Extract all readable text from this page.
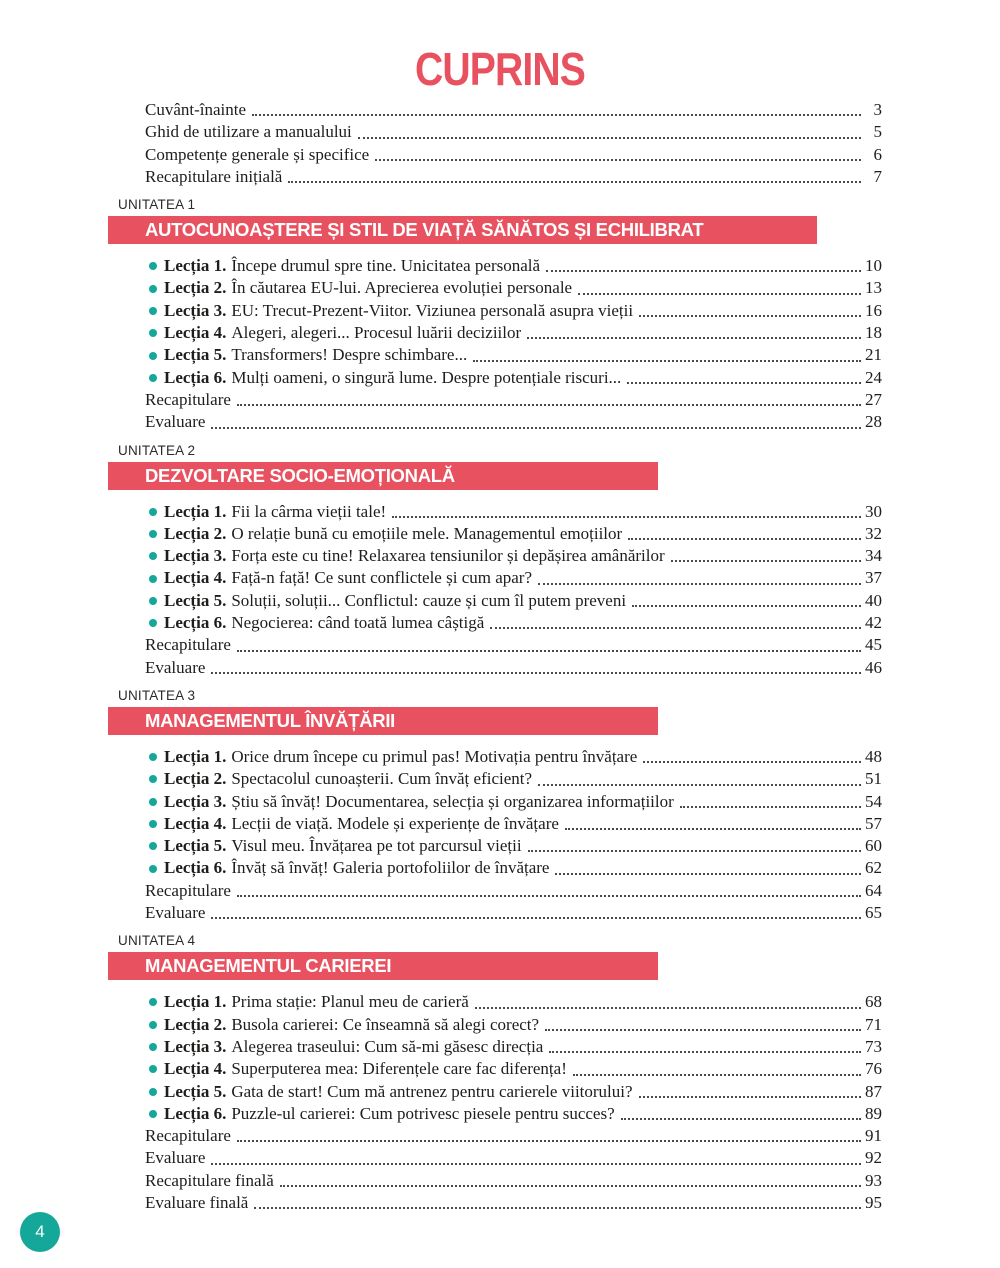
CUPRINS
Cuvânt-înainte	3
Ghid de utilizare a manualului	5
Competențe generale și specifice	6
Recapitulare inițială	7
UNITATEA 1
AUTOCUNOAȘTERE ȘI STIL DE VIAȚĂ SĂNĂTOS ȘI ECHILIBRAT
Lecția 1. Începe drumul spre tine. Unicitatea personală	10
Lecția 2. În căutarea EU-lui. Aprecierea evoluției personale	13
Lecția 3. EU: Trecut-Prezent-Viitor. Viziunea personală asupra vieții	16
Lecția 4. Alegeri, alegeri... Procesul luării deciziilor	18
Lecția 5. Transformers! Despre schimbare...	21
Lecția 6. Mulți oameni, o singură lume. Despre potențiale riscuri...	24
Recapitulare	27
Evaluare	28
UNITATEA 2
DEZVOLTARE SOCIO-EMOȚIONALĂ
Lecția 1. Fii la cârma vieții tale!	30
Lecția 2. O relație bună cu emoțiile mele. Managementul emoțiilor	32
Lecția 3. Forța este cu tine! Relaxarea tensiunilor și depășirea amânărilor	34
Lecția 4. Față-n față! Ce sunt conflictele și cum apar?	37
Lecția 5. Soluții, soluții... Conflictul: cauze și cum îl putem preveni	40
Lecția 6. Negocierea: când toată lumea câștigă	42
Recapitulare	45
Evaluare	46
UNITATEA 3
MANAGEMENTUL ÎNVĂȚĂRII
Lecția 1. Orice drum începe cu primul pas! Motivația pentru învățare	48
Lecția 2. Spectacolul cunoașterii. Cum învăț eficient?	51
Lecția 3. Știu să învăț! Documentarea, selecția și organizarea informațiilor	54
Lecția 4. Lecții de viață. Modele și experiențe de învățare	57
Lecția 5. Visul meu. Învățarea pe tot parcursul vieții	60
Lecția 6. Învăț să învăț! Galeria portofoliilor de învățare	62
Recapitulare	64
Evaluare	65
UNITATEA 4
MANAGEMENTUL CARIEREI
Lecția 1. Prima stație: Planul meu de carieră	68
Lecția 2. Busola carierei: Ce înseamnă să alegi corect?	71
Lecția 3. Alegerea traseului: Cum să-mi găsesc direcția	73
Lecția 4. Superputerea mea: Diferențele care fac diferența!	76
Lecția 5. Gata de start! Cum mă antrenez pentru carierele viitorului?	87
Lecția 6. Puzzle-ul carierei: Cum potrivesc piesele pentru succes?	89
Recapitulare	91
Evaluare	92
Recapitulare finală	93
Evaluare finală	95
4
